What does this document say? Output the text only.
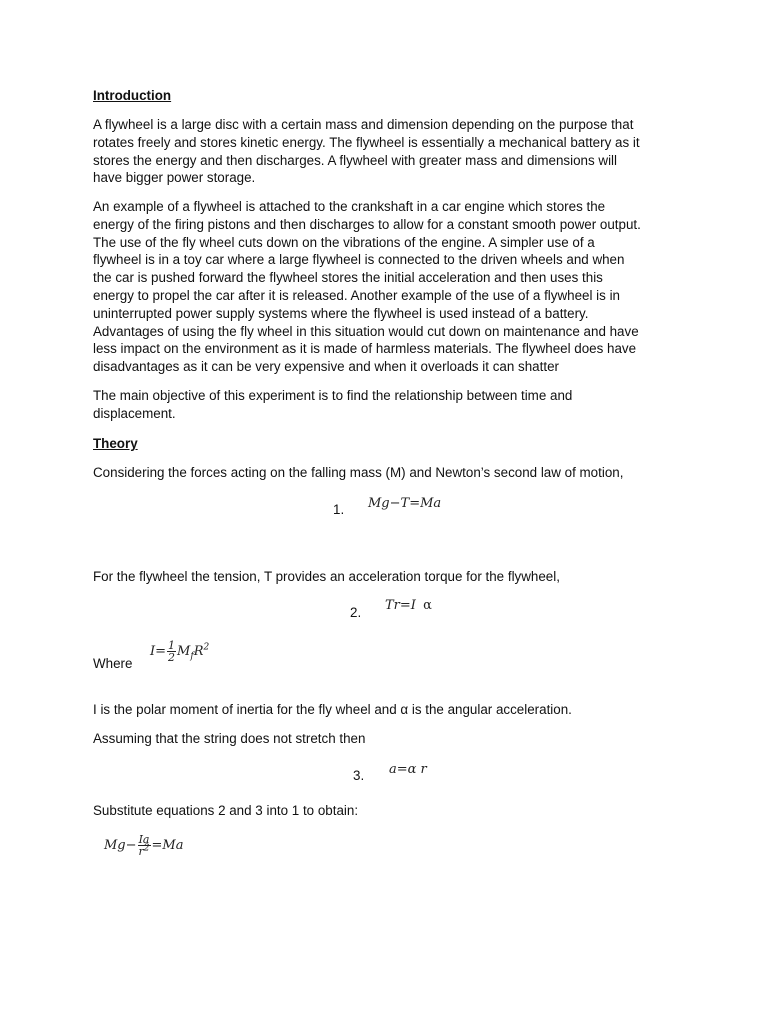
Introduction
A flywheel is a large disc with a certain mass and dimension depending on the purpose that
rotates freely and stores kinetic energy. The flywheel is essentially a mechanical battery as it
stores the energy and then discharges. A flywheel with greater mass and dimensions will
have bigger power storage.
An example of a flywheel is attached to the crankshaft in a car engine which stores the
energy of the firing pistons and then discharges to allow for a constant smooth power output.
The use of the fly wheel cuts down on the vibrations of the engine. A simpler use of a
flywheel is in a toy car where a large flywheel is connected to the driven wheels and when
the car is pushed forward the flywheel stores the initial acceleration and then uses this
energy to propel the car after it is released. Another example of the use of a flywheel is in
uninterrupted power supply systems where the flywheel is used instead of a battery.
Advantages of using the fly wheel in this situation would cut down on maintenance and have
less impact on the environment as it is made of harmless materials. The flywheel does have
disadvantages as it can be very expensive and when it overloads it can shatter
The main objective of this experiment is to find the relationship between time and
displacement.
Theory
Considering the forces acting on the falling mass (M) and Newton’s second law of motion,
1. Mg−T=Ma
For the flywheel the tension, T provides an acceleration torque for the flywheel,
2. Tr=I α
Where
$I= \frac{1}{2} M_fR^2$
I is the polar moment of inertia for the fly wheel and α is the angular acceleration.
Assuming that the string does not stretch then
3. a=α r
Substitute equations 2 and 3 into 1 to obtain:
$Mg- \frac{Ia}{r^2} =Ma$
